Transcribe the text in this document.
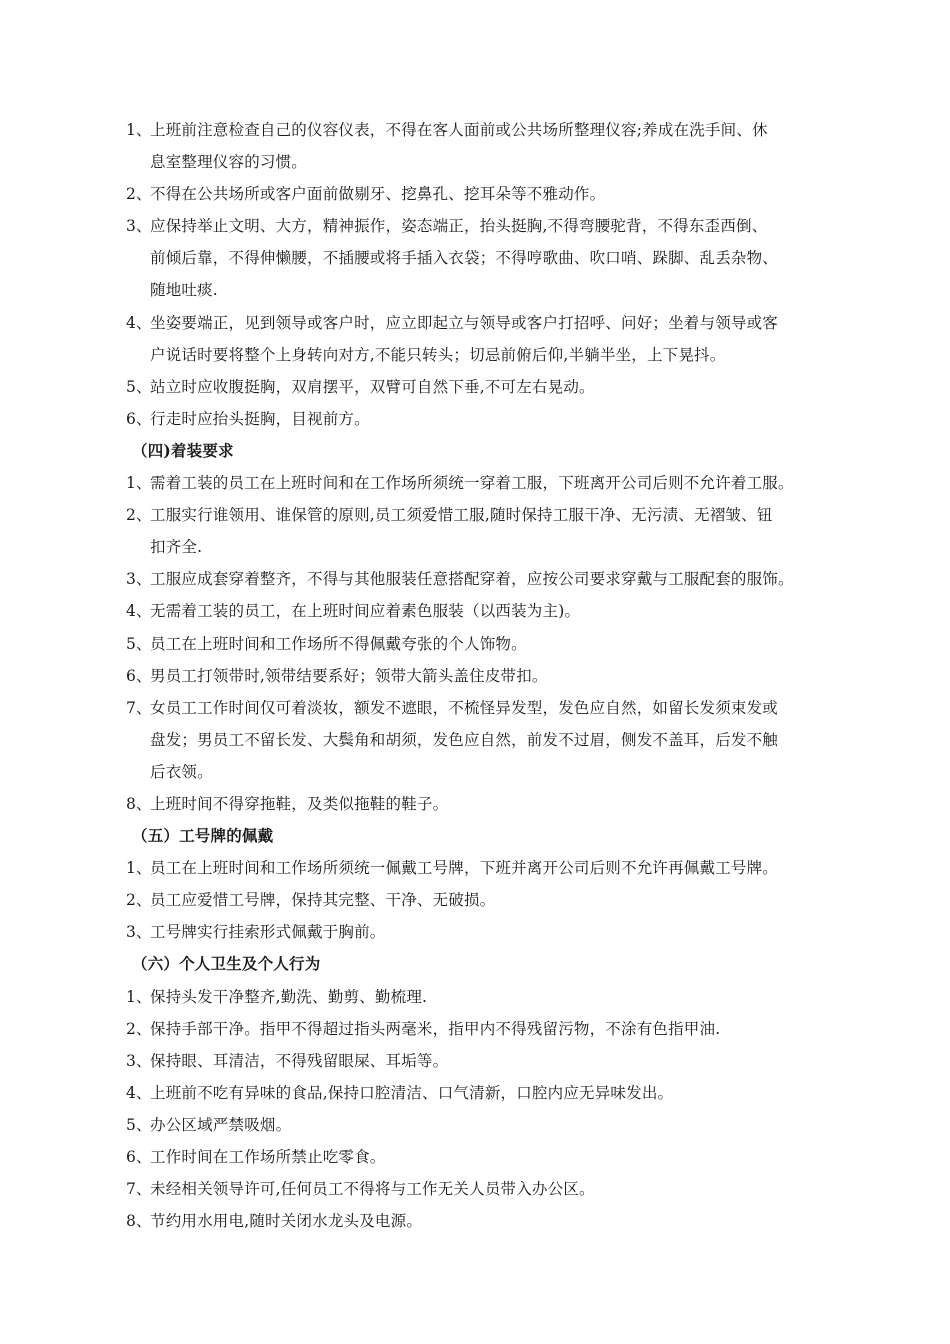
1、上班前注意检查自己的仪容仪表，不得在客人面前或公共场所整理仪容;养成在洗手间、休
息室整理仪容的习惯。
2、不得在公共场所或客户面前做剔牙、挖鼻孔、挖耳朵等不雅动作。
3、应保持举止文明、大方，精神振作，姿态端正，抬头挺胸,不得弯腰驼背，不得东歪西倒、
前倾后靠，不得伸懒腰，不插腰或将手插入衣袋；不得哼歌曲、吹口哨、跺脚、乱丢杂物、
随地吐痰.
4、坐姿要端正，见到领导或客户时，应立即起立与领导或客户打招呼、问好；坐着与领导或客
户说话时要将整个上身转向对方,不能只转头；切忌前俯后仰,半躺半坐，上下晃抖。
5、站立时应收腹挺胸，双肩摆平，双臂可自然下垂,不可左右晃动。
6、行走时应抬头挺胸，目视前方。
（四)着装要求
1、需着工装的员工在上班时间和在工作场所须统一穿着工服，下班离开公司后则不允许着工服。
2、工服实行谁领用、谁保管的原则,员工须爱惜工服,随时保持工服干净、无污渍、无褶皱、钮
扣齐全.
3、工服应成套穿着整齐，不得与其他服装任意搭配穿着，应按公司要求穿戴与工服配套的服饰。
4、无需着工装的员工，在上班时间应着素色服装（以西装为主)。
5、员工在上班时间和工作场所不得佩戴夸张的个人饰物。
6、男员工打领带时,领带结要系好；领带大箭头盖住皮带扣。
7、女员工工作时间仅可着淡妆，额发不遮眼，不梳怪异发型，发色应自然，如留长发须束发或
盘发；男员工不留长发、大鬓角和胡须，发色应自然，前发不过眉，侧发不盖耳，后发不触
后衣领。
8、上班时间不得穿拖鞋，及类似拖鞋的鞋子。
（五）工号牌的佩戴
1、员工在上班时间和工作场所须统一佩戴工号牌，下班并离开公司后则不允许再佩戴工号牌。
2、员工应爱惜工号牌，保持其完整、干净、无破损。
3、工号牌实行挂索形式佩戴于胸前。
（六）个人卫生及个人行为
1、保持头发干净整齐,勤洗、勤剪、勤梳理.
2、保持手部干净。指甲不得超过指头两毫米，指甲内不得残留污物，不涂有色指甲油.
3、保持眼、耳清洁，不得残留眼屎、耳垢等。
4、上班前不吃有异味的食品,保持口腔清洁、口气清新，口腔内应无异味发出。
5、办公区域严禁吸烟。
6、工作时间在工作场所禁止吃零食。
7、未经相关领导许可,任何员工不得将与工作无关人员带入办公区。
8、节约用水用电,随时关闭水龙头及电源。
